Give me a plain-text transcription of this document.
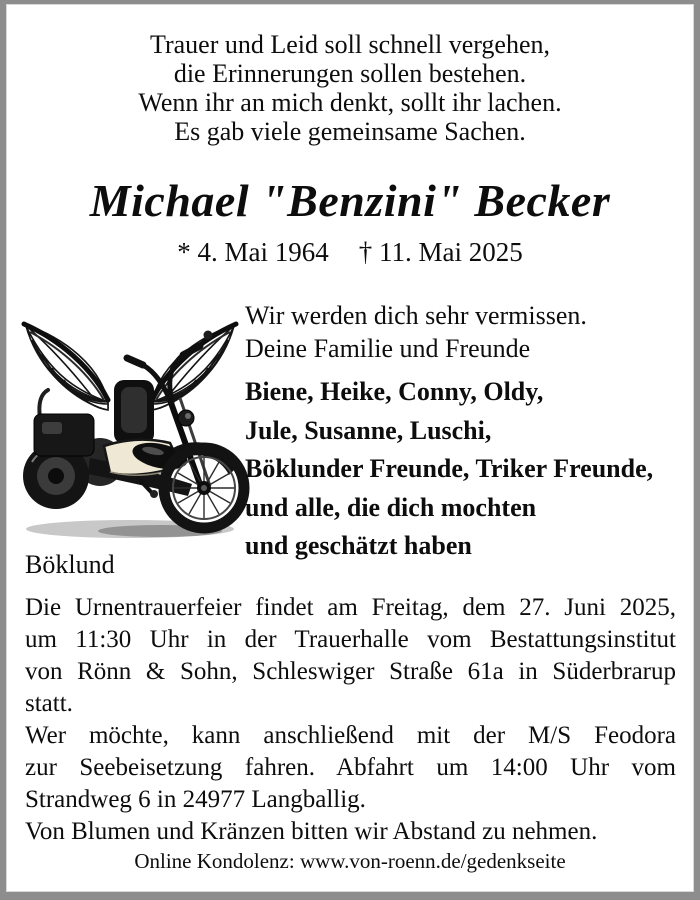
Trauer und Leid soll schnell vergehen,
die Erinnerungen sollen bestehen.
Wenn ihr an mich denkt, sollt ihr lachen.
Es gab viele gemeinsame Sachen.
Michael "Benzini" Becker
* 4. Mai 1964 † 11. Mai 2025
Wir werden dich sehr vermissen.
Deine Familie und Freunde
Biene, Heike, Conny, Oldy,
Jule, Susanne, Luschi,
Böklunder Freunde, Triker Freunde,
und alle, die dich mochten
und geschätzt haben
Böklund
Die Urnentrauerfeier findet am Freitag, dem 27. Juni 2025,
um 11:30 Uhr in der Trauerhalle vom Bestattungsinstitut
von Rönn & Sohn, Schleswiger Straße 61a in Süderbrarup
statt.
Wer möchte, kann anschließend mit der M/S Feodora
zur Seebeisetzung fahren. Abfahrt um 14:00 Uhr vom
Strandweg 6 in 24977 Langballig.
Von Blumen und Kränzen bitten wir Abstand zu nehmen.
Online Kondolenz: www.von-roenn.de/gedenkseite
